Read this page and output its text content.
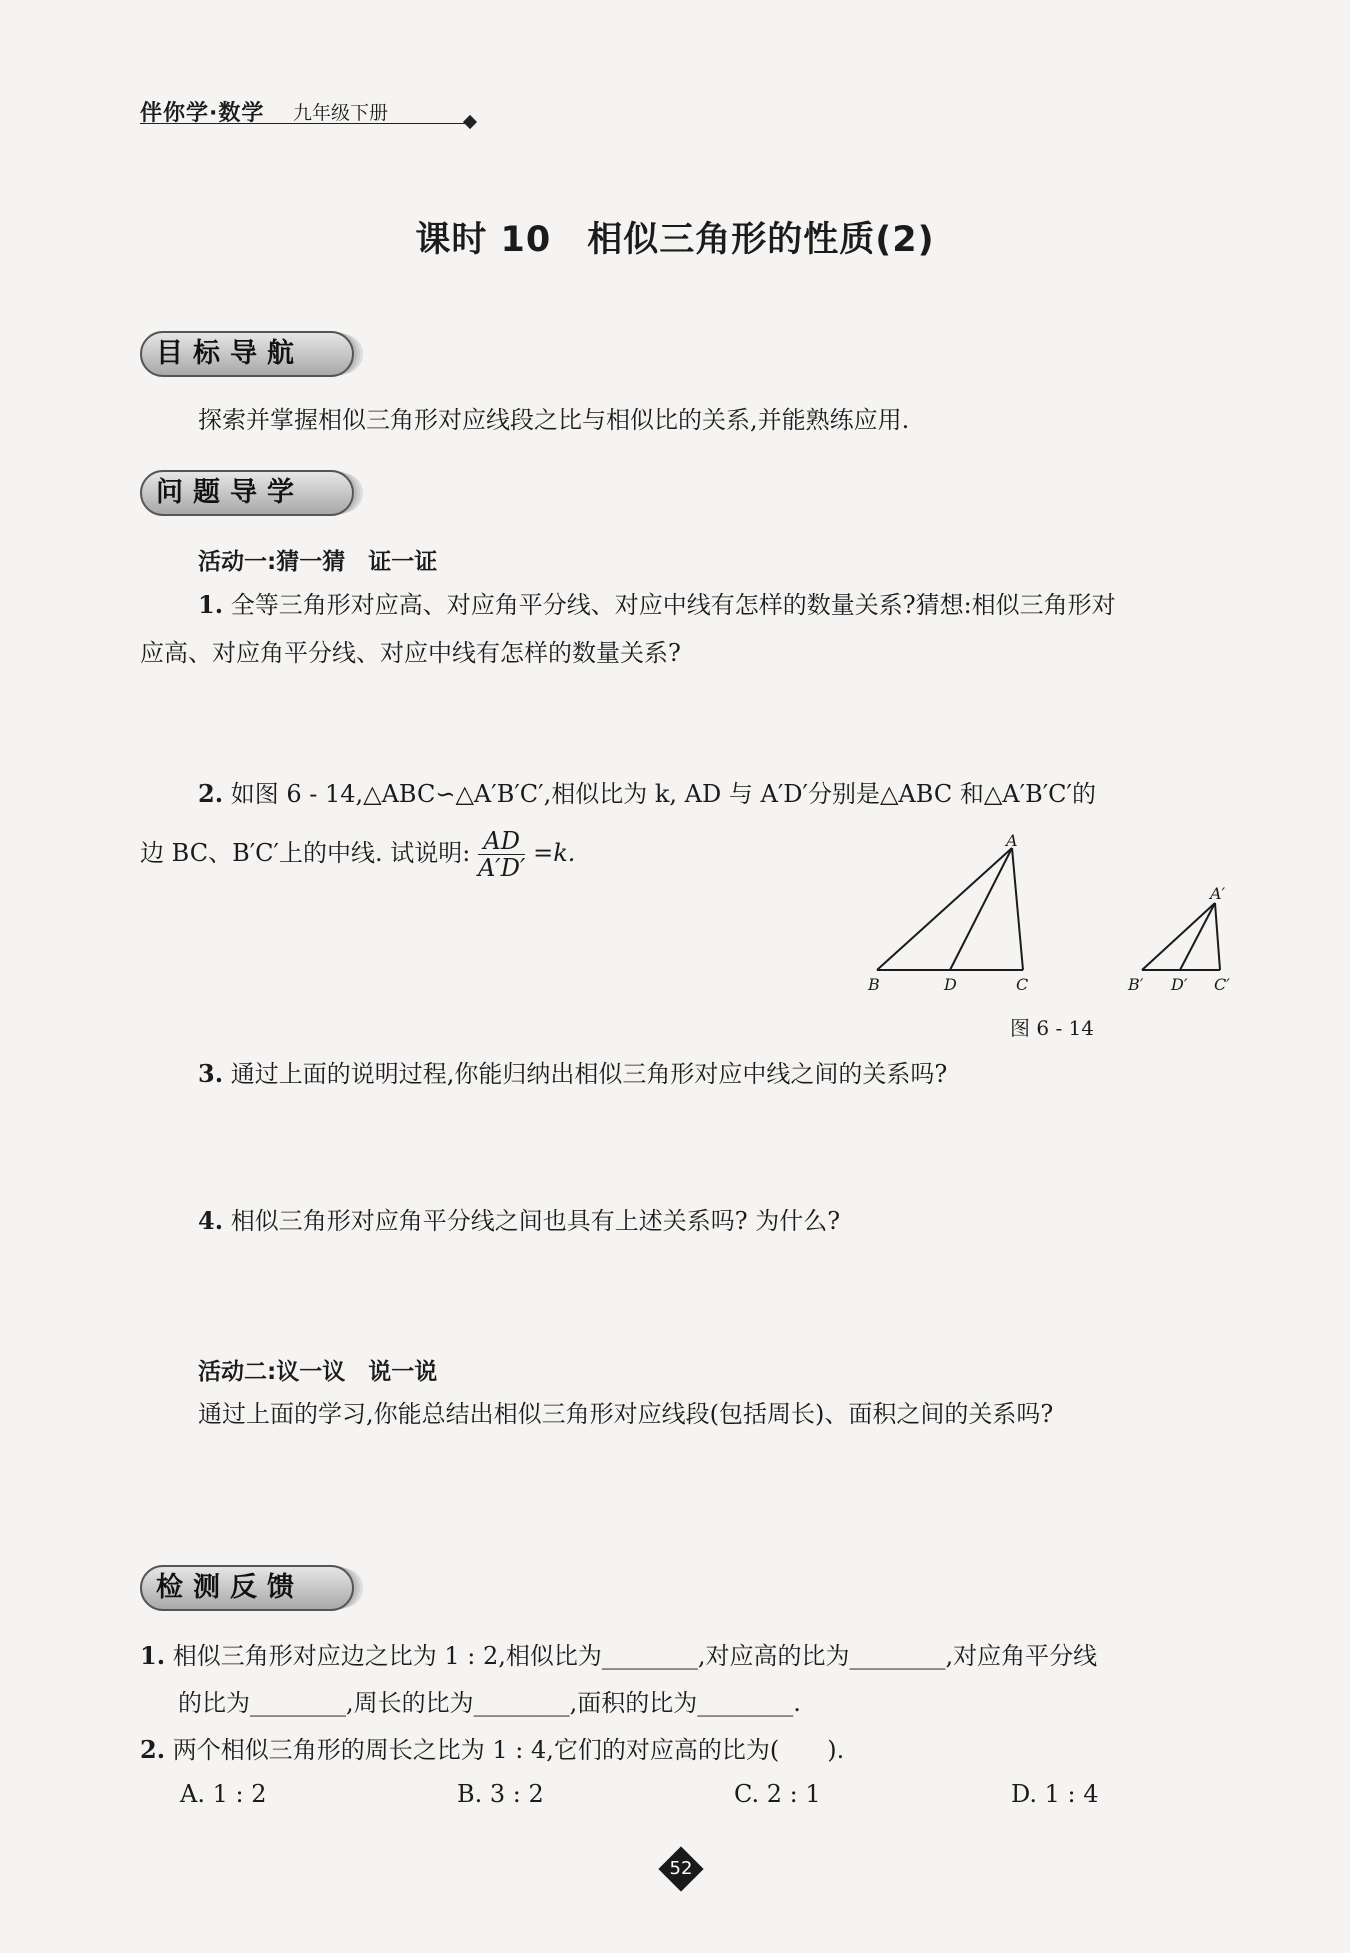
伴你学·数学 九年级下册
课时 10　相似三角形的性质(2)
目标导航
探索并掌握相似三角形对应线段之比与相似比的关系,并能熟练应用.
问题导学
活动一:猜一猜　证一证
1. 全等三角形对应高、对应角平分线、对应中线有怎样的数量关系?猜想:相似三角形对
应高、对应角平分线、对应中线有怎样的数量关系?
2. 如图 6 - 14,△ABC∽△A′B′C′,相似比为 k, AD 与 A′D′分别是△ABC 和△A′B′C′的
边 BC、B′C′上的中线. 试说明: $\frac{AD}{A'D'} =k$.	A
B	D	C
A′
B′ D′ C′
图 6 - 14
3. 通过上面的说明过程,你能归纳出相似三角形对应中线之间的关系吗?
4. 相似三角形对应角平分线之间也具有上述关系吗? 为什么?
活动二:议一议　说一说
通过上面的学习,你能总结出相似三角形对应线段(包括周长)、面积之间的关系吗?
检测反馈
1. 相似三角形对应边之比为 1 : 2,相似比为________,对应高的比为________,对应角平分线
的比为________,周长的比为________,面积的比为________.
2. 两个相似三角形的周长之比为 1 : 4,它们的对应高的比为(　　).
A. 1 : 2	B. 3 : 2	C. 2 : 1	D. 1 : 4
52
